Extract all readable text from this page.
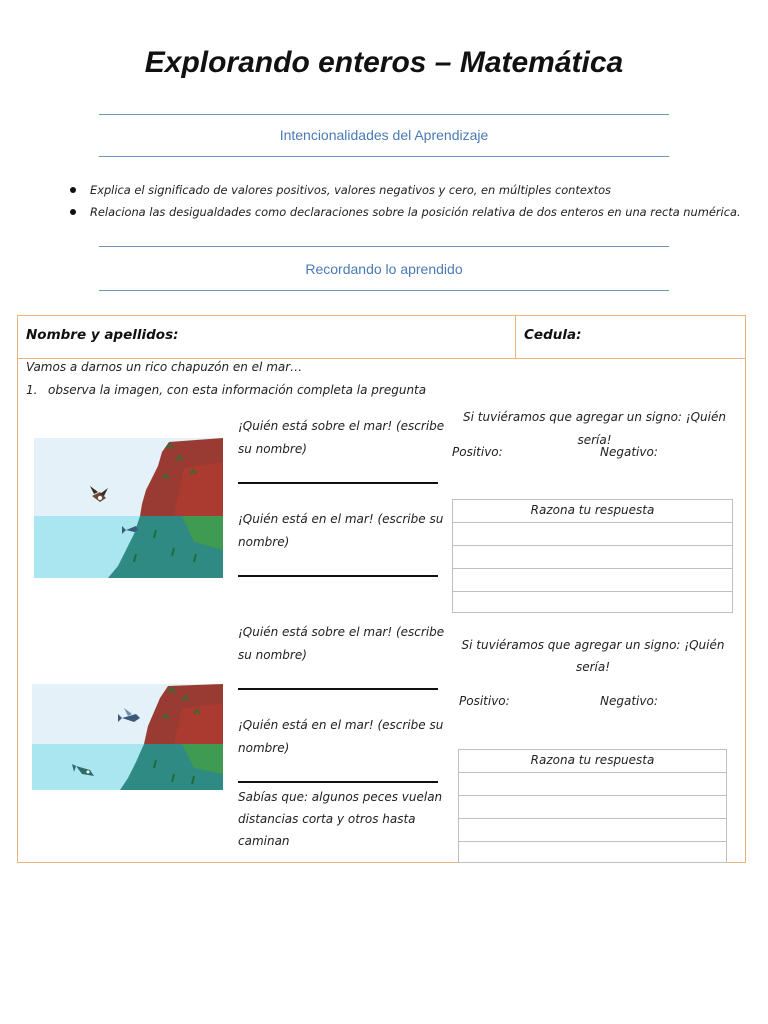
Explorando enteros – Matemática
Intencionalidades del Aprendizaje
Explica el significado de valores positivos, valores negativos y cero, en múltiples contextos
Relaciona las desigualdades como declaraciones sobre la posición relativa de dos enteros en una recta numérica.
Recordando lo aprendido
Nombre y apellidos:	Cedula:
Vamos a darnos un rico chapuzón en el mar…
1. observa la imagen, con esta información completa la pregunta
¡Quién está sobre el mar! (escribe
su nombre)
¡Quién está en el mar! (escribe su
nombre)
Si tuviéramos que agregar un signo: ¡Quién sería!
Positivo:	Negativo:
Razona tu respuesta
¡Quién está sobre el mar! (escribe
su nombre)
¡Quién está en el mar! (escribe su
nombre)
Sabías que: algunos peces vuelan
distancias corta y otros hasta
caminan
Si tuviéramos que agregar un signo: ¡Quién
sería!
Positivo:	Negativo:
Razona tu respuesta
